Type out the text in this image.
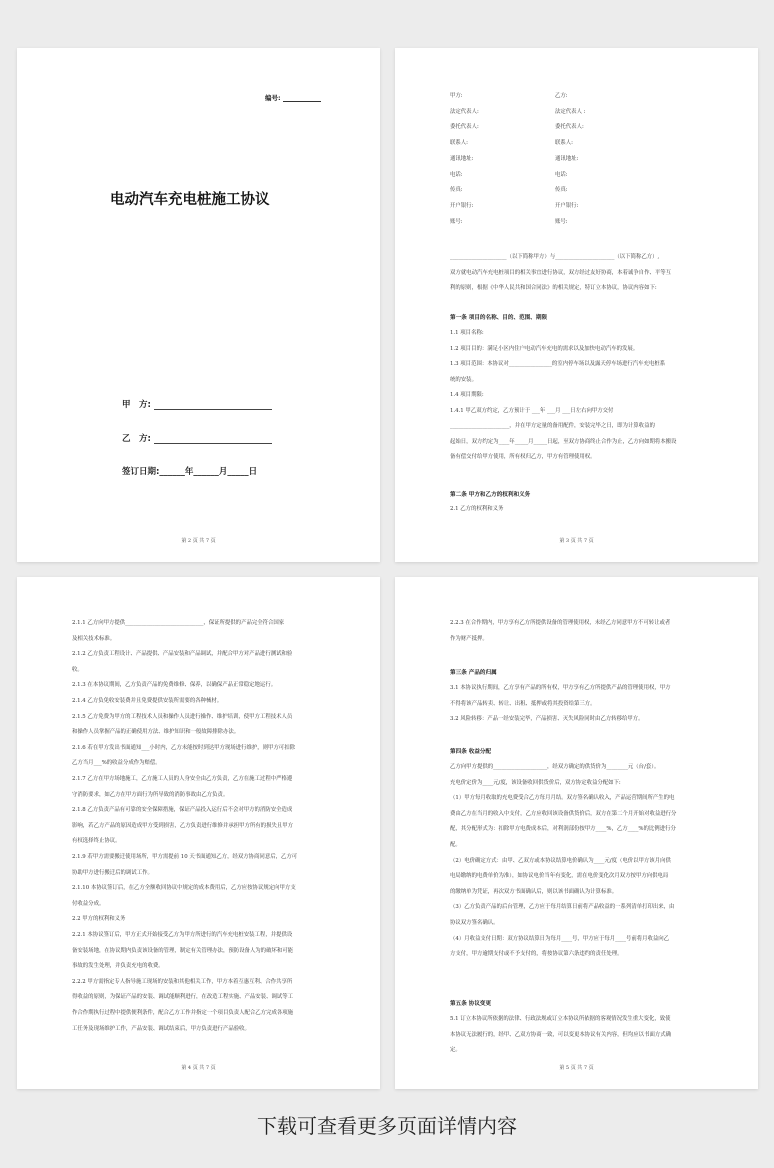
编号:
电动汽车充电桩施工协议
甲　方:
乙　方:
签订日期:______年______月_____日
第 2 页 共 7 页
甲方:	乙方:
法定代表人:	法定代表人 :
委托代表人:	委托代表人:
联系人:	联系人:
通讯地址:	通讯地址:
电话:	电话:
传真:	传真:
开户银行:	开户银行:
账号:	账号:
_____________________（以下简称甲方）与______________________（以下简称乙方）,
双方就电动汽车充电桩项目的相关事宜进行协议，双方经过友好协商，本着诚争自作、平等互
利的原则，根据《中华人民共和国合同法》的相关规定，特订立本协议，协议内容如下:
第一条 项目的名称、目的、范围、期限
1.1 项目名称:
1.2 项目目的：满足小区内住户电动汽车充电的需求以及加快电动汽车的发展。
1.3 项目范围：本协议对________________的室内停车场以及露天停车场进行汽车充电桩系
统的安装。
1.4 项目期限:
1.4.1 甲乙双方约定，乙方预计于 ___年 ___月 ___日左右向甲方交付
______________________，并在甲方定量的备用配件，安装完毕之日，即为计算收益的
起始日，双方约定为____年_____月_____日起，至双方协商终止合作为止，乙方向如期将本搬设
备有偿交付给甲方使用，所有权归乙方，甲方有管理使用权。
第二条 甲方和乙方的权利和义务
2.1 乙方的权利和义务
第 3 页 共 7 页
2.1.1 乙方向甲方提供_____________________________，保证所提供的产品完全符合国家
及相关技术标准。
2.1.2 乙方负责工程设计、产品提供、产品安装和产品调试，并配合甲方对产品进行测试和验
收。
2.1.3 在本协议期间，乙方负责产品的免费维修、保养，以确保产品正常稳定地运行。
2.1.4 乙方负免收安装费并且免费提供安装所需要的各种械材。
2.1.5 乙方免费为甲方的工程技术人员和操作人员进行操作、维护培训，使甲方工程技术人员
和操作人员掌握产品的正确使用方法、维护知识和一般故障排除办法。
2.1.6 若在甲方发出书面通知___小时内，乙方未能按时到达甲方现场进行维护，则甲方可扣除
乙方当月___%的收益分成作为赔偿。
2.1.7 乙方在甲方场地施工，乙方施工人员的人身安全由乙方负责，乙方在施工过程中严格遵
守消防要求，如乙方在甲方面行为所导致的消防事故由乙方负责。
2.1.8 乙方负责产品有可靠的安全保障措施，保证产品投入运行后不会对甲方的消防安全造成
影响，若乙方产品的原因造成甲方受到损害，乙方负责进行维修并承担甲方所有的损失且甲方
有权选择终止协议。
2.1.9 若甲方需要搬迁使用场所，甲方需提前 10 天书面通知乙方，经双方协商同意后，乙方可
协助甲方进行搬迁后的调试工作。
2.1.10 本协议签订后，在乙方全额收回协议中规定的成本费用后，乙方应按协议规定向甲方支
付收益分成。
2.2 甲方的权利和义务
2.2.1 本协议签订后，甲方正式开始接受乙方为甲方所进行的汽车充电桩安装工程，并提供设
备安装场地，在协议期内负责该设备的管理，制定有关管理办法，预防设备人为的破坏和可能
事故的发生处理，并负责充电的收费。
2.2.2 甲方需指定专人指导施工现场的安装和其他相关工作，甲方本着互惠互利、合作共享所
得收益的原则，为保证产品的安装、调试能顺利进行，在改造工程实施、产品安装、调试等工
作合作期执行过程中提供便利条件，配合乙方工作并指定一个项目负责人配合乙方完成各项施
工任务及现场维护工作，产品安装、调试结束后，甲方负责进行产品验收。
第 4 页 共 7 页
2.2.3 在合作期内，甲方享有乙方所提供设备的管理使用权，未经乙方同意甲方不可转让或者
作为财产抵押。
第三条 产品的归属
3.1 本协议执行期间，乙方享有产品的所有权，甲方享有乙方所提供产品的管理使用权，甲方
不得将该产品转卖、转让、出租、抵押或将其投资给第三方。
3.2 风险转移：产品一经安装完毕，产品损害、灭失风险同时由乙方转移给甲方。
第四条 收益分配
乙方向甲方提供的____________________，经双方确定的供货价为________元（台/套）。
充电价定价为____元/度，该设备收回供货价后，双方协定收益分配如下:
（1）甲方每月收取的充电费受合乙方每月月结。双方签名确认收入，产品运营期间所产生的电
费由乙方在当月的收入中支付，乙方应收回该设备供货价后，双方在第二个月开始对收益进行分
配，其分配形式为：扣除甲方电费成本后，对利润部份按甲方____%，乙方____%的比例进行分
配。
（2）电价确定方式：由甲、乙双方或本协议结算电价确认为____元/度（电价以甲方该月向供
电局缴纳的电费单价为准），如协议电价当年有变化，需在电价变化次月双方按甲方向供电局
的缴纳单为凭证，再次双方书面确认后，则以该书面确认为计算标准。
（3）乙方负责产品的后台管理，乙方应于每月结算日前将产品收益的一系列清单打印出来，由
协议双方签名确认。
（4）月收益支付日期：双方协议结算日为每月____号，甲方应于每月____号前将月收益向乙
方支付，甲方逾期支付或不予支付的，将按协议第六条违约的责任处理。
第五条 协议变更
5.1 订立本协议所依据的法律、行政法规或订立本协议所依据的客观情况发生重大变化，致使
本协议无法履行的，经甲、乙双方协商一致，可以变更本协议有关内容，但均应以书面方式确
定。
第 5 页 共 7 页
下载可查看更多页面详情内容
